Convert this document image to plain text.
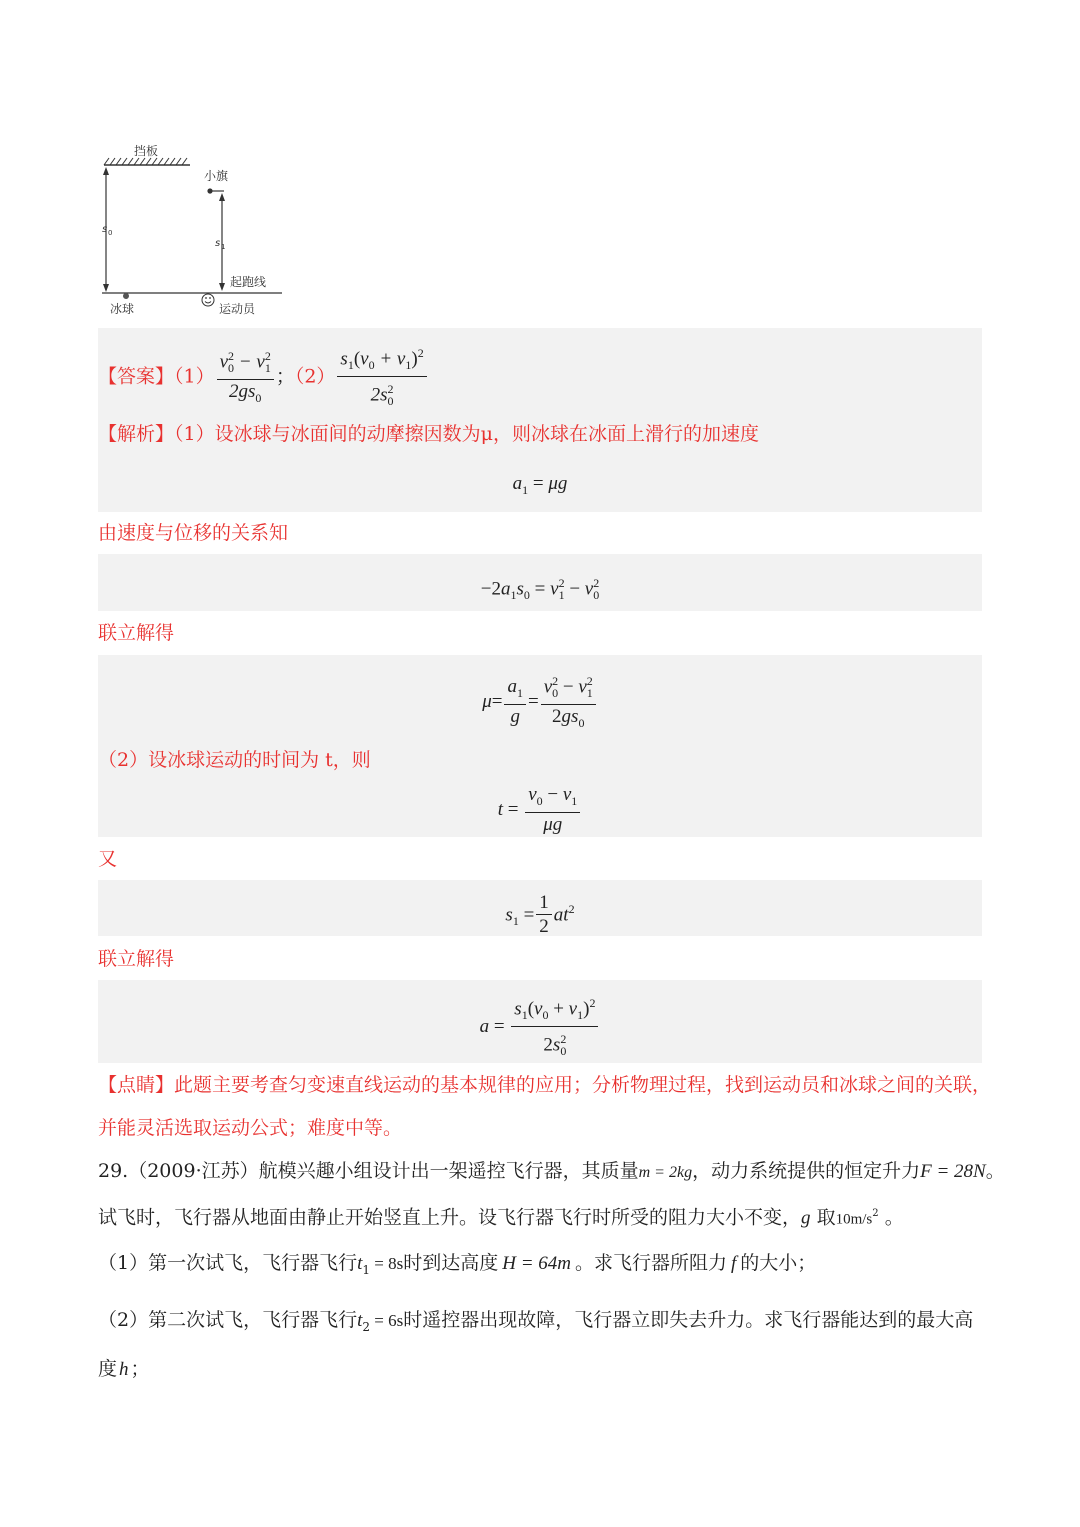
挡板
s 0
小旗
s 1
起跑线
冰球	运动员
【答案】$(1) \frac{v_0^2 - v_1^2}{2gs_0}$ ；$(2) \frac{s_1(v_0 + v_1)^2}{2s_0^2}$
【解析】（1）设冰球与冰面间的动摩擦因数为μ，则冰球在冰面上滑行的加速度
$a_1 = \mu g$
由速度与位移的关系知
$-2a_1s_0 = v_1^2 - v_0^2$
联立解得
$\mu= \frac{a_1}{g} = \frac{v_0^2 - v_1^2}{2gs_0}$
（2）设冰球运动的时间为 t，则
$t = \frac{v_0 - v_1}{\mu g}$
又
$s_1 = \frac{1}{2} at^2$
联立解得
$a = \frac{s_1(v_0 + v_1)^2}{2s_0^2}$
【点睛】此题主要考查匀变速直线运动的基本规律的应用；分析物理过程，找到运动员和冰球之间的关联，
并能灵活选取运动公式；难度中等。
29.（2009·江苏）航模兴趣小组设计出一架遥控飞行器，其质量m = 2kg，动力系统提供的恒定升力F = 28N。
试飞时，飞行器从地面由静止开始竖直上升。设飞行器飞行时所受的阻力大小不变，g 取$10m/s^2$ 。
（1）第一次试飞，飞行器飞行$t_1 = 8s$时到达高度 H = 64m 。求飞行器所阻力 f 的大小；
（2）第二次试飞，飞行器飞行$t_2 = 6s$时遥控器出现故障，飞行器立即失去升力。求飞行器能达到的最大高
度 h ；
